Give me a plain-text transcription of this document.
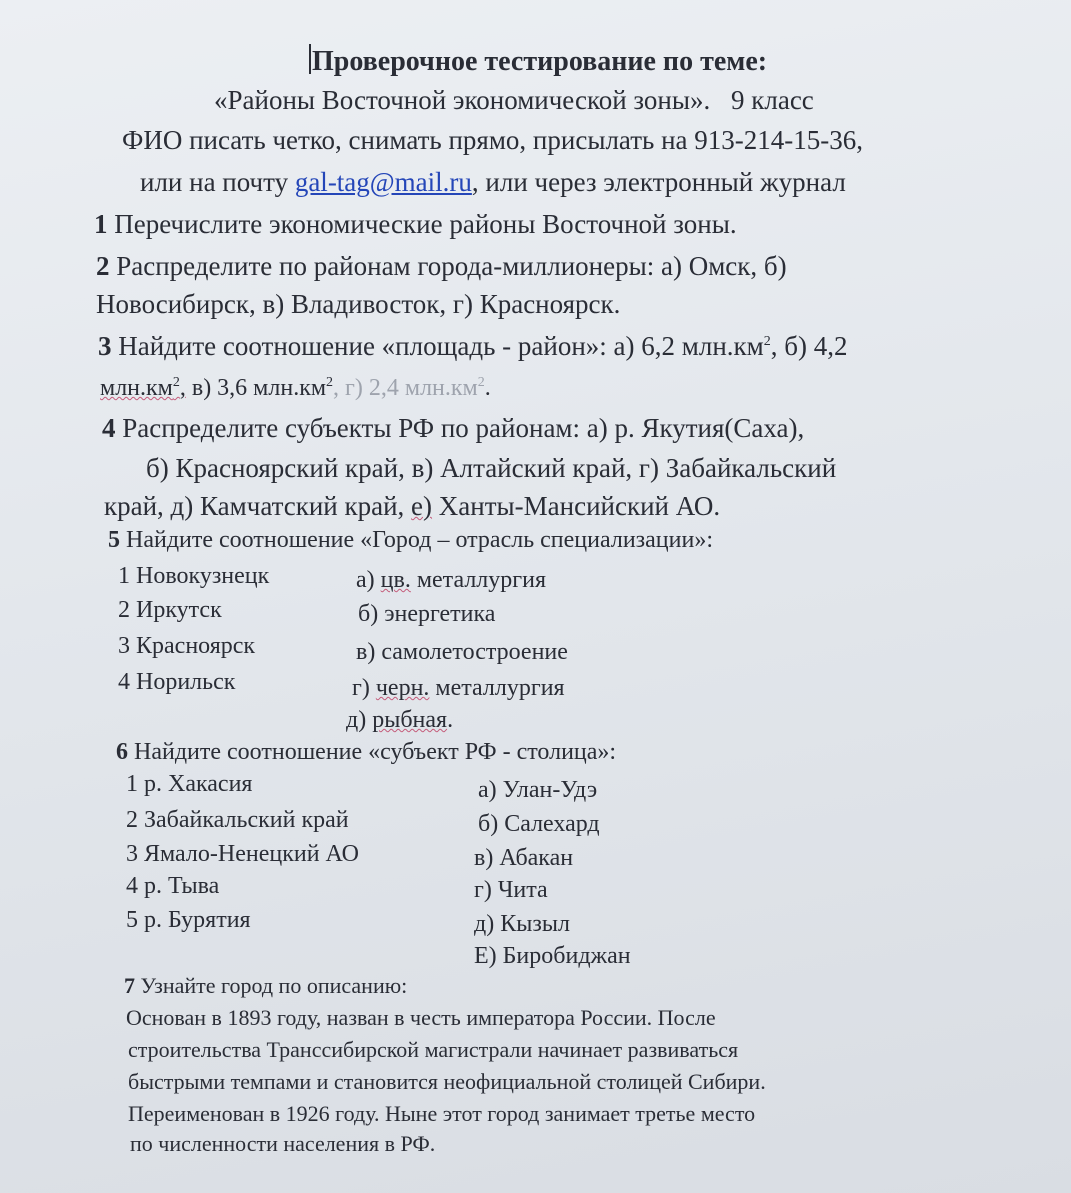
Проверочное тестирование по теме:
«Районы Восточной экономической зоны». 9 класс
ФИО писать четко, снимать прямо, присылать на 913-214-15-36,
или на почту gal-tag@mail.ru, или через электронный журнал
1 Перечислите экономические районы Восточной зоны.
2 Распределите по районам города-миллионеры: а) Омск, б)
Новосибирск, в) Владивосток, г) Красноярск.
3 Найдите соотношение «площадь - район»: а) 6,2 $млн.км^2$, б) 4,2
$млн.км^2$, в) 3,6 $млн.км^2$, г) 2,4 $млн.км^2$.
4 Распределите субъекты РФ по районам: а) р. Якутия(Саха),
б) Красноярский край, в) Алтайский край, г) Забайкальский
край, д) Камчатский край, е) Ханты-Мансийский АО.
5 Найдите соотношение «Город – отрасль специализации»:
1 Новокузнецк
2 Иркутск
3 Красноярск
4 Норильск
а) цв. металлургия
б) энергетика
в) самолетостроение
г) черн. металлургия
д) рыбная.
6 Найдите соотношение «субъект РФ - столица»:
1 р. Хакасия
2 Забайкальский край
3 Ямало-Ненецкий АО
4 р. Тыва
5 р. Бурятия
а) Улан-Удэ
б) Салехард
в) Абакан
г) Чита
д) Кызыл
Е) Биробиджан
7 Узнайте город по описанию:
Основан в 1893 году, назван в честь императора России. После
строительства Транссибирской магистрали начинает развиваться
быстрыми темпами и становится неофициальной столицей Сибири.
Переименован в 1926 году. Ныне этот город занимает третье место
по численности населения в РФ.
